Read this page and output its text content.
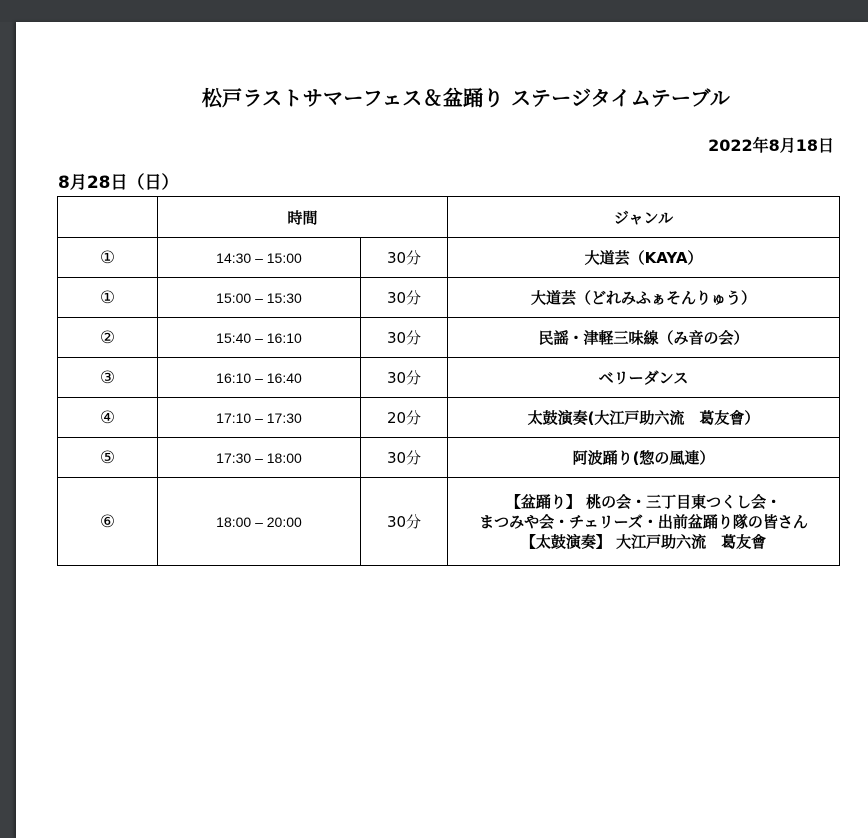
松戸ラストサマーフェス＆盆踊り ステージタイムテーブル
2022年8月18日
8月28日（日）
	時間		ジャンル
①	14:30 – 15:00	30分	大道芸（KAYA）

①	15:00 – 15:30	30分	大道芸（どれみふぁそんりゅう）

②	15:40 – 16:10	30分	民謡・津軽三味線（み音の会）

③	16:10 – 16:40	30分	ベリーダンス

④	17:10 – 17:30	20分	太鼓演奏(大江戸助六流　葛友會）

⑤	17:30 – 18:00	30分	阿波踊り(惣の風連）

⑥	18:00 – 20:00	30分	【盆踊り】 桃の会・三丁目東つくし会・
まつみや会・チェリーズ・出前盆踊り隊の皆さん
【太鼓演奏】 大江戸助六流　葛友會
